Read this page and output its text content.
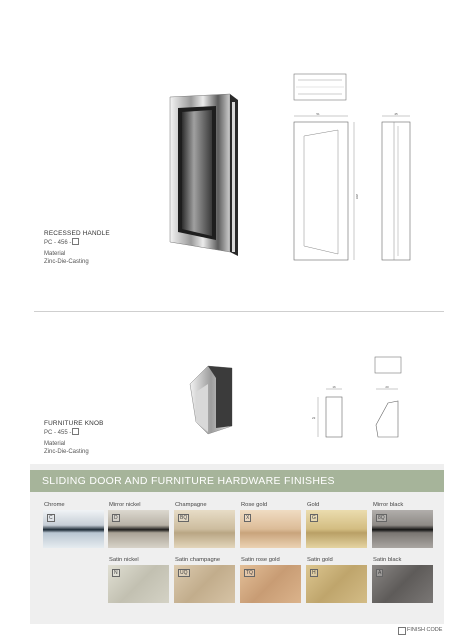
51
208
45
RECESSED HANDLE
PC - 456 -
Material
Zinc-Die-Casting
16
23
20
FURNITURE KNOB
PC - 455 -
Material
Zinc-Die-Casting
SLIDING DOOR AND FURNITURE HARDWARE FINISHES
Chrome
C
Mirror nickel
D
Champagne
BQ
Rose gold
X
Gold
G
Mirror black
8Q
Satin nickel
N
Satin champagne
UQ
Satin rose gold
TQ
Satin gold
H
Satin black
A
FINISH CODE
